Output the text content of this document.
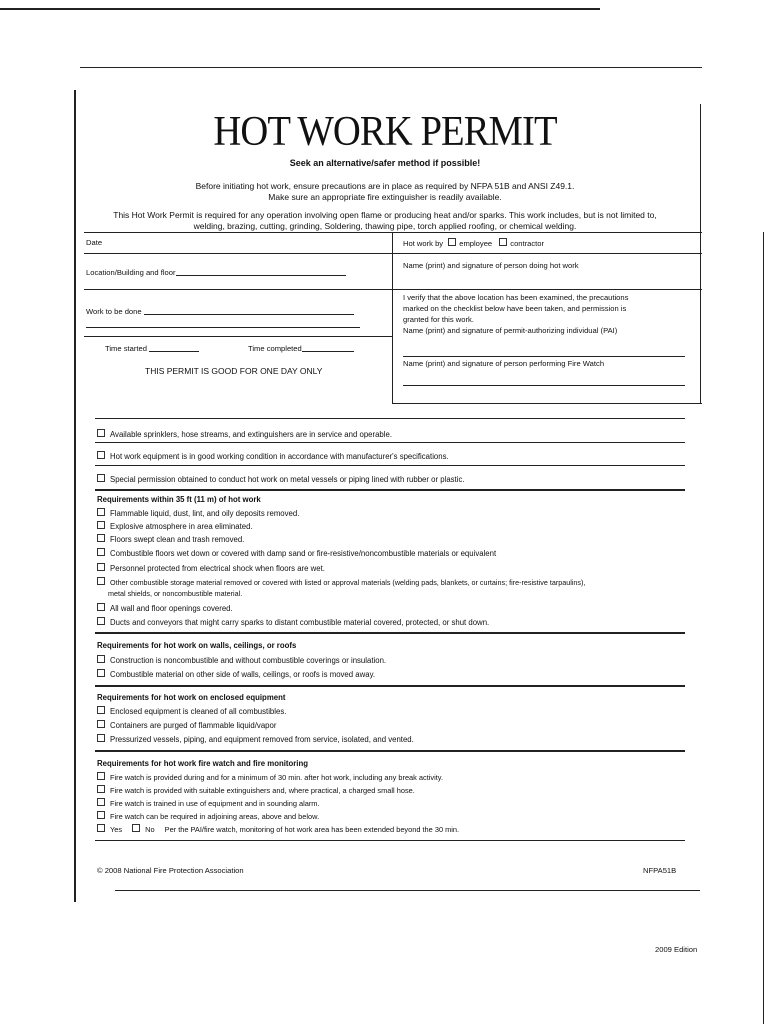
HOT WORK PERMIT
Seek an alternative/safer method if possible!
Before initiating hot work, ensure precautions are in place as required by NFPA 51B and ANSI Z49.1.
Make sure an appropriate fire extinguisher is readily available.
This Hot Work Permit is required for any operation involving open flame or producing heat and/or sparks. This work includes, but is not limited to,
welding, brazing, cutting, grinding, Soldering, thawing pipe, torch applied roofing, or chemical welding.
Date
Location/Building and floor
Work to be done
Time started	Time completed
THIS PERMIT IS GOOD FOR ONE DAY ONLY
Hot work by employee contractor
Name (print) and signature of person doing hot work
I verify that the above location has been examined, the precautions
marked on the checklist below have been taken, and permission is
granted for this work.
Name (print) and signature of permit-authorizing individual (PAI)
Name (print) and signature of person performing Fire Watch
Available sprinklers, hose streams, and extinguishers are in service and operable.
Hot work equipment is in good working condition in accordance with manufacturer's specifications.
Special permission obtained to conduct hot work on metal vessels or piping lined with rubber or plastic.
Requirements within 35 ft (11 m) of hot work
Flammable liquid, dust, lint, and oily deposits removed.
Explosive atmosphere in area eliminated.
Floors swept clean and trash removed.
Combustible floors wet down or covered with damp sand or fire-resistive/noncombustible materials or equivalent
Personnel protected from electrical shock when floors are wet.
Other combustible storage material removed or covered with listed or approval materials (welding pads, blankets, or curtains; fire-resistive tarpaulins),
metal shields, or noncombustible material.
All wall and floor openings covered.
Ducts and conveyors that might carry sparks to distant combustible material covered, protected, or shut down.
Requirements for hot work on walls, ceilings, or roofs
Construction is noncombustible and without combustible coverings or insulation.
Combustible material on other side of walls, ceilings, or roofs is moved away.
Requirements for hot work on enclosed equipment
Enclosed equipment is cleaned of all combustibles.
Containers are purged of flammable liquid/vapor
Pressurized vessels, piping, and equipment removed from service, isolated, and vented.
Requirements for hot work fire watch and fire monitoring
Fire watch is provided during and for a minimum of 30 min. after hot work, including any break activity.
Fire watch is provided with suitable extinguishers and, where practical, a charged small hose.
Fire watch is trained in use of equipment and in sounding alarm.
Fire watch can be required in adjoining areas, above and below.
Yes	No Per the PAI/fire watch, monitoring of hot work area has been extended beyond the 30 min.
© 2008 National Fire Protection Association	NFPA51B
2009 Edition
